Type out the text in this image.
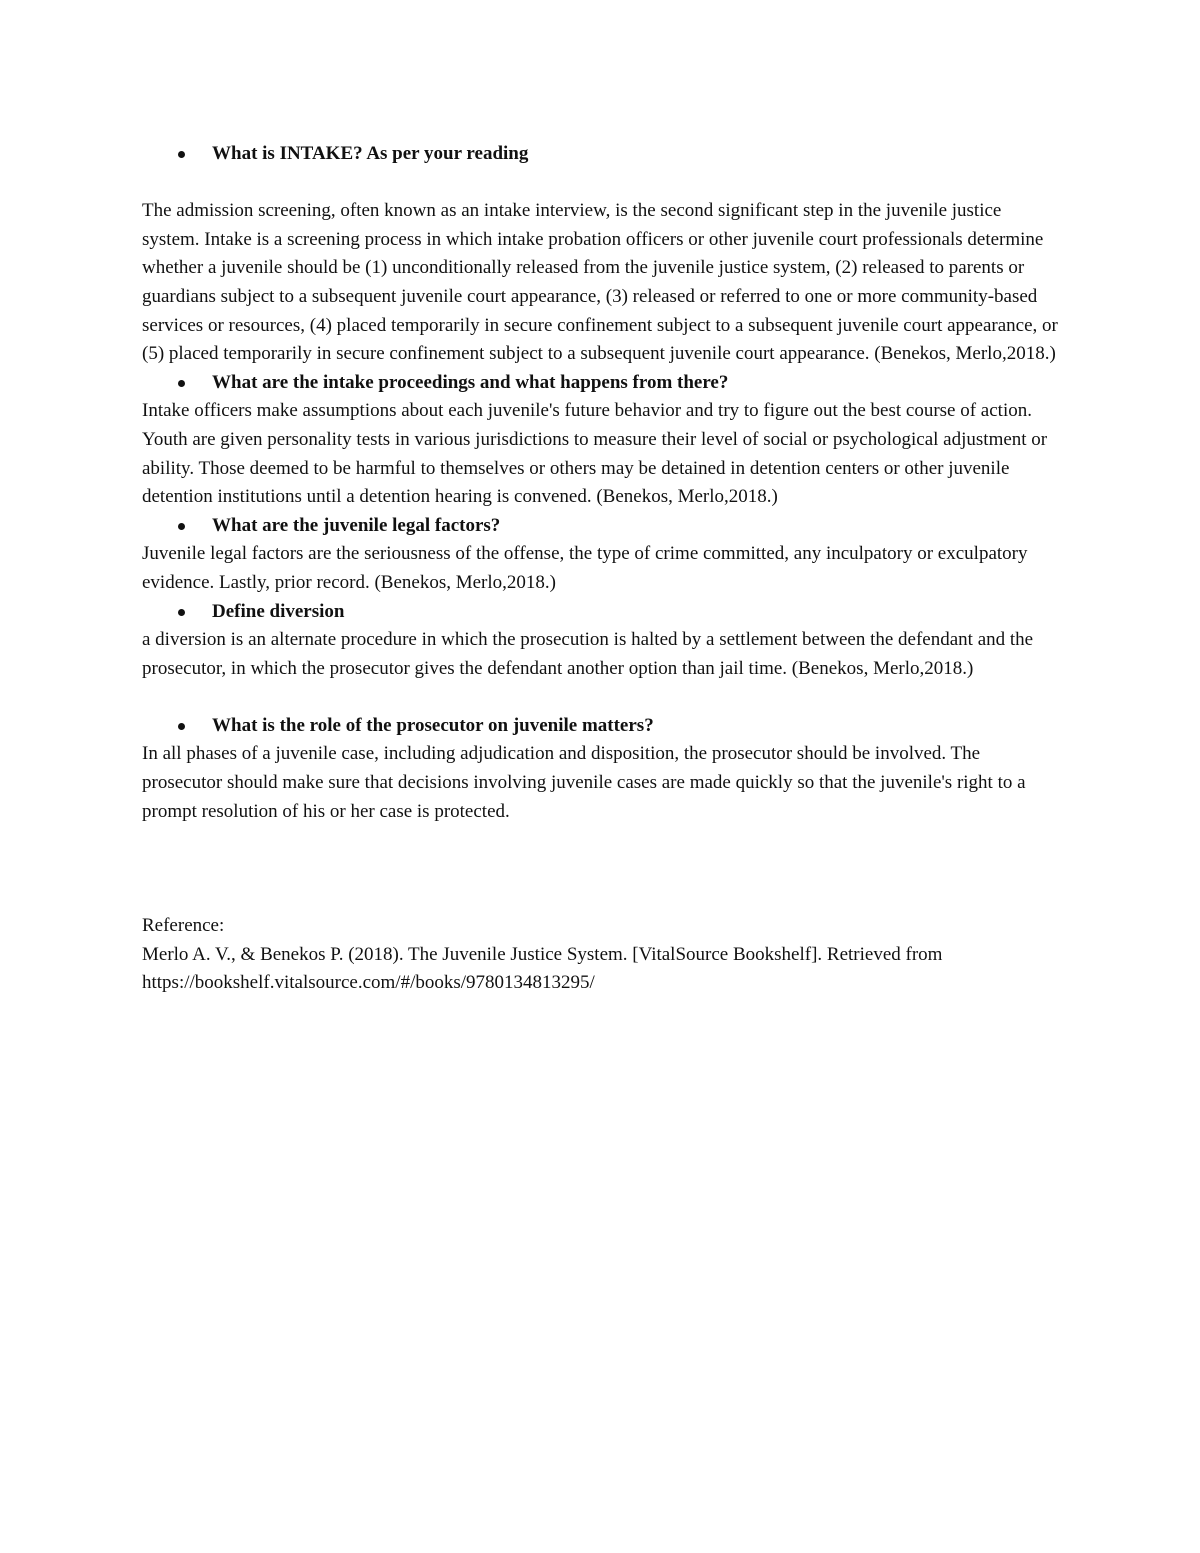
What is INTAKE? As per your reading

The admission screening, often known as an intake interview, is the second significant step in the juvenile justice system. Intake is a screening process in which intake probation officers or other juvenile court professionals determine whether a juvenile should be (1) unconditionally released from the juvenile justice system, (2) released to parents or guardians subject to a subsequent juvenile court appearance, (3) released or referred to one or more community-based services or resources, (4) placed temporarily in secure confinement subject to a subsequent juvenile court appearance, or (5) placed temporarily in secure confinement subject to a subsequent juvenile court appearance. (Benekos, Merlo,2018.)

What are the intake proceedings and what happens from there?

Intake officers make assumptions about each juvenile's future behavior and try to figure out the best course of action. Youth are given personality tests in various jurisdictions to measure their level of social or psychological adjustment or ability. Those deemed to be harmful to themselves or others may be detained in detention centers or other juvenile detention institutions until a detention hearing is convened. (Benekos, Merlo,2018.)

What are the juvenile legal factors?

Juvenile legal factors are the seriousness of the offense, the type of crime committed, any inculpatory or exculpatory evidence. Lastly, prior record. (Benekos, Merlo,2018.)

Define diversion

a diversion is an alternate procedure in which the prosecution is halted by a settlement between the defendant and the prosecutor, in which the prosecutor gives the defendant another option than jail time. (Benekos, Merlo,2018.)

What is the role of the prosecutor on juvenile matters?

In all phases of a juvenile case, including adjudication and disposition, the prosecutor should be involved. The prosecutor should make sure that decisions involving juvenile cases are made quickly so that the juvenile's right to a prompt resolution of his or her case is protected.

Reference:

Merlo A. V., & Benekos P. (2018). The Juvenile Justice System. [VitalSource Bookshelf]. Retrieved from https://bookshelf.vitalsource.com/#/books/9780134813295/
